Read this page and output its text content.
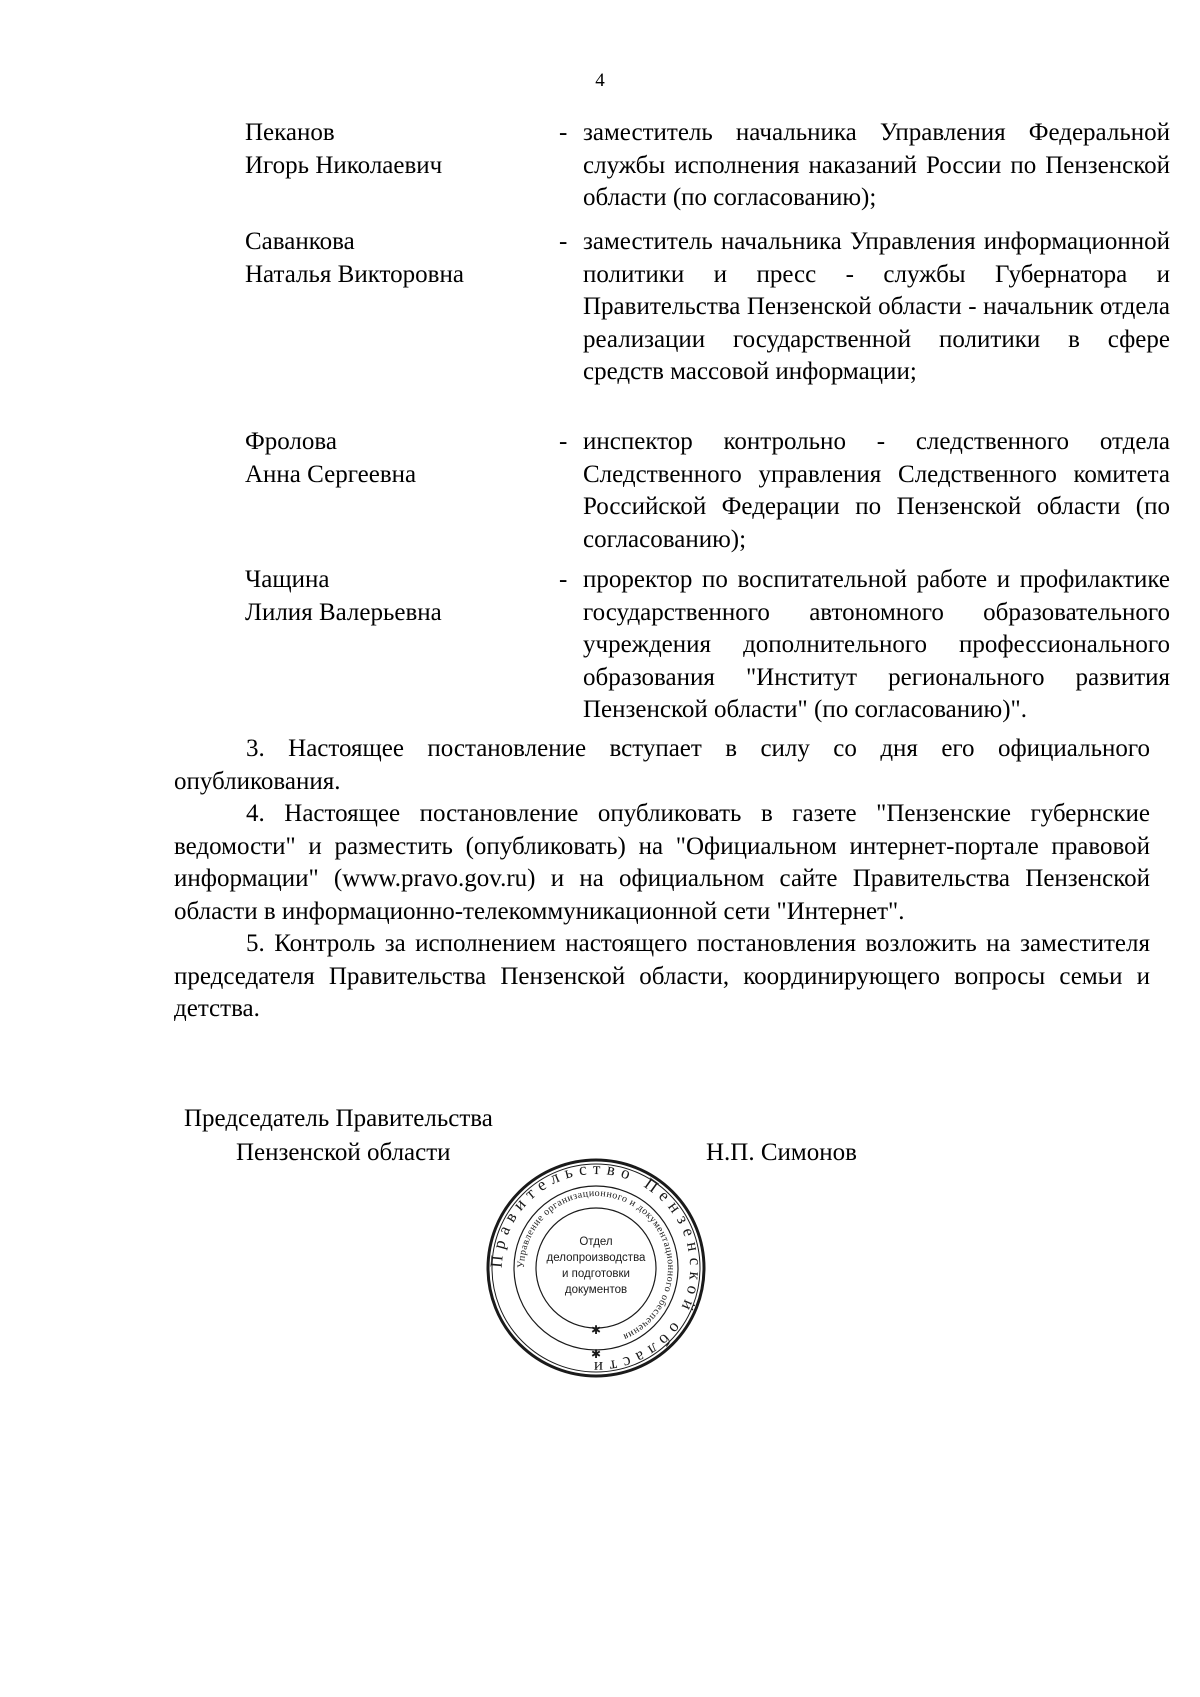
4
Пеканов
Игорь Николаевич
- заместитель начальника Управления Федеральной службы исполнения наказаний России по Пензенской области (по согласованию);

Саванкова
Наталья Викторовна
- заместитель начальника Управления информационной политики и пресс - службы Губернатора и Правительства Пензенской области - начальник отдела реализации государственной политики в сфере средств массовой информации;

Фролова
Анна Сергеевна
- инспектор контрольно - следственного отдела Следственного управления Следственного комитета Российской Федерации по Пензенской области (по согласованию);

Чащина
Лилия Валерьевна
- проректор по воспитательной работе и профилактике государственного автономного образовательного учреждения дополнительного профессионального образования "Институт регионального развития Пензенской области" (по согласованию)".

3. Настоящее постановление вступает в силу со дня его официального опубликования.

4. Настоящее постановление опубликовать в газете "Пензенские губернские ведомости" и разместить (опубликовать) на "Официальном интернет-портале правовой информации" (www.pravo.gov.ru) и на официальном сайте Правительства Пензенской области в информационно-телекоммуникационной сети "Интернет".

5. Контроль за исполнением настоящего постановления возложить на заместителя председателя Правительства Пензенской области, координирующего вопросы семьи и детства.

Председатель Правительства
Пензенской области	Н.П. Симонов
Правительство Пензенской области
Управление организационного и документационного обеспечения
Отдел
делопроизводства
и подготовки
документов
✱
✱
